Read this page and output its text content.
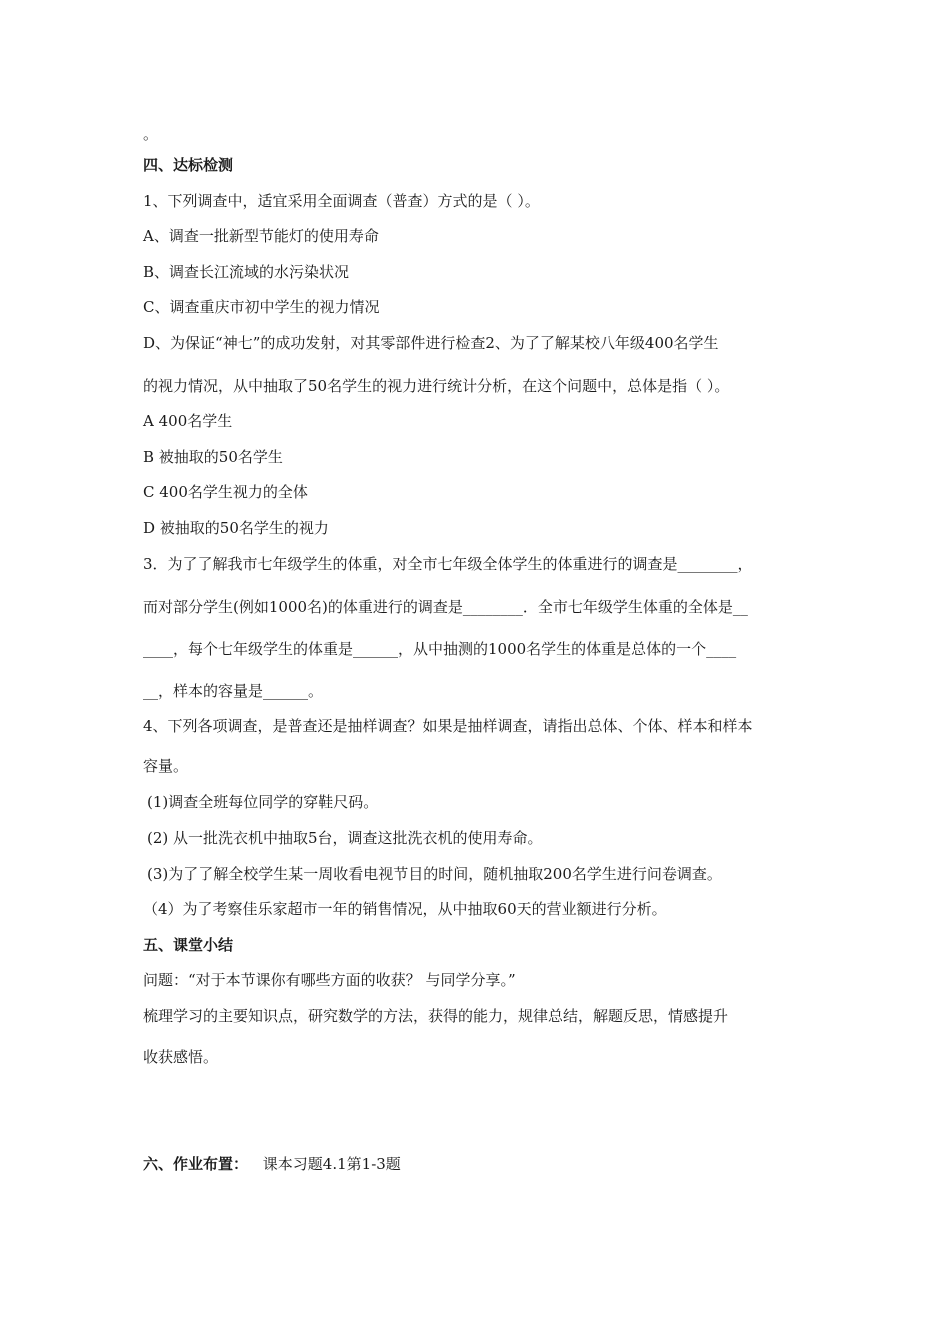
。
四、达标检测
1、下列调查中，适宜采用全面调查（普查）方式的是（ ）。
A、调查一批新型节能灯的使用寿命
B、调查长江流域的水污染状况
C、调查重庆市初中学生的视力情况
D、为保证“神七”的成功发射，对其零部件进行检查2、为了了解某校八年级400名学生
的视力情况，从中抽取了50名学生的视力进行统计分析，在这个问题中，总体是指（ ）。
A 400名学生
B 被抽取的50名学生
C 400名学生视力的全体
D 被抽取的50名学生的视力
3．为了了解我市七年级学生的体重，对全市七年级全体学生的体重进行的调查是________，
而对部分学生(例如1000名)的体重进行的调查是________．全市七年级学生体重的全体是__
____，每个七年级学生的体重是______，从中抽测的1000名学生的体重是总体的一个____
__，样本的容量是______。
4、下列各项调查，是普查还是抽样调查？如果是抽样调查，请指出总体、个体、样本和样本
容量。
(1)调查全班每位同学的穿鞋尺码。
(2) 从一批洗衣机中抽取5台，调查这批洗衣机的使用寿命。
(3)为了了解全校学生某一周收看电视节目的时间，随机抽取200名学生进行问卷调查。
（4）为了考察佳乐家超市一年的销售情况，从中抽取60天的营业额进行分析。
五、课堂小结
问题：“对于本节课你有哪些方面的收获？ 与同学分享。”
梳理学习的主要知识点，研究数学的方法，获得的能力，规律总结，解题反思，情感提升
收获感悟。
六、作业布置： 课本习题4.1第1-3题
